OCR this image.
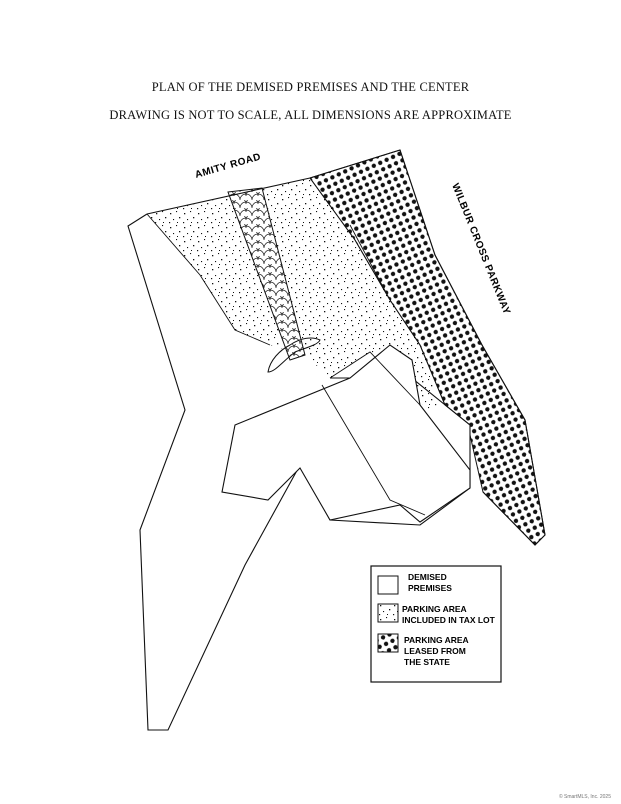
PLAN OF THE DEMISED PREMISES AND THE CENTER
DRAWING IS NOT TO SCALE, ALL DIMENSIONS ARE APPROXIMATE
AMITY ROAD
WILBUR CROSS PARKWAY
DEMISED
PREMISES
PARKING AREA
INCLUDED IN TAX LOT
PARKING AREA
LEASED FROM
THE STATE
© SmartMLS, Inc. 2025
